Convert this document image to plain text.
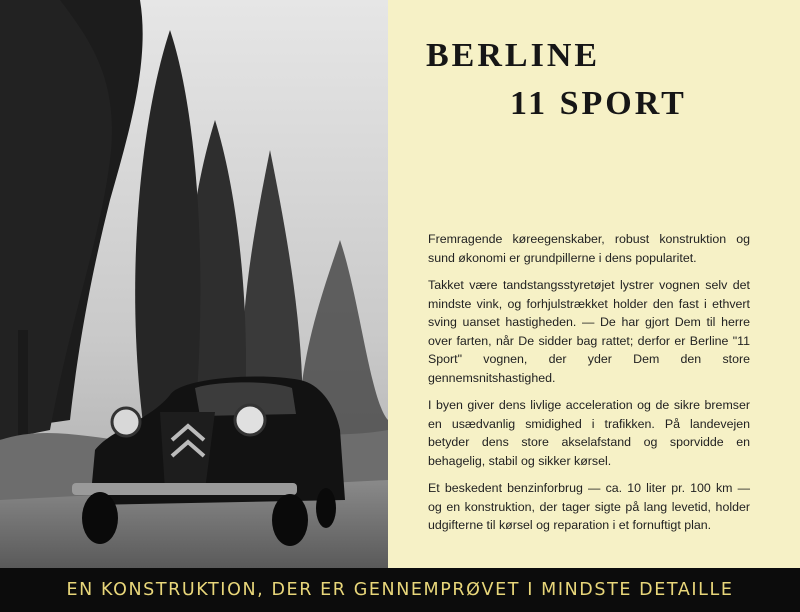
BERLINE
11 SPORT

Fremragende køreegenskaber, robust konstruktion og sund økonomi er grundpillerne i dens popularitet.

Takket være tandstangsstyretøjet lystrer vognen selv det mindste vink, og forhjulstrækket holder den fast i ethvert sving uanset hastigheden. — De har gjort Dem til herre over farten, når De sidder bag rattet; derfor er Berline "11 Sport" vognen, der yder Dem den store gennemsnitshastighed.

I byen giver dens livlige acceleration og de sikre bremser en usædvanlig smidighed i trafikken. På landevejen betyder dens store akselafstand og sporvidde en behagelig, stabil og sikker kørsel.

Et beskedent benzinforbrug — ca. 10 liter pr. 100 km — og en konstruktion, der tager sigte på lang levetid, holder udgifterne til kørsel og reparation i et fornuftigt plan.

EN KONSTRUKTION, DER ER GENNEMPRØVET I MINDSTE DETAILLE
